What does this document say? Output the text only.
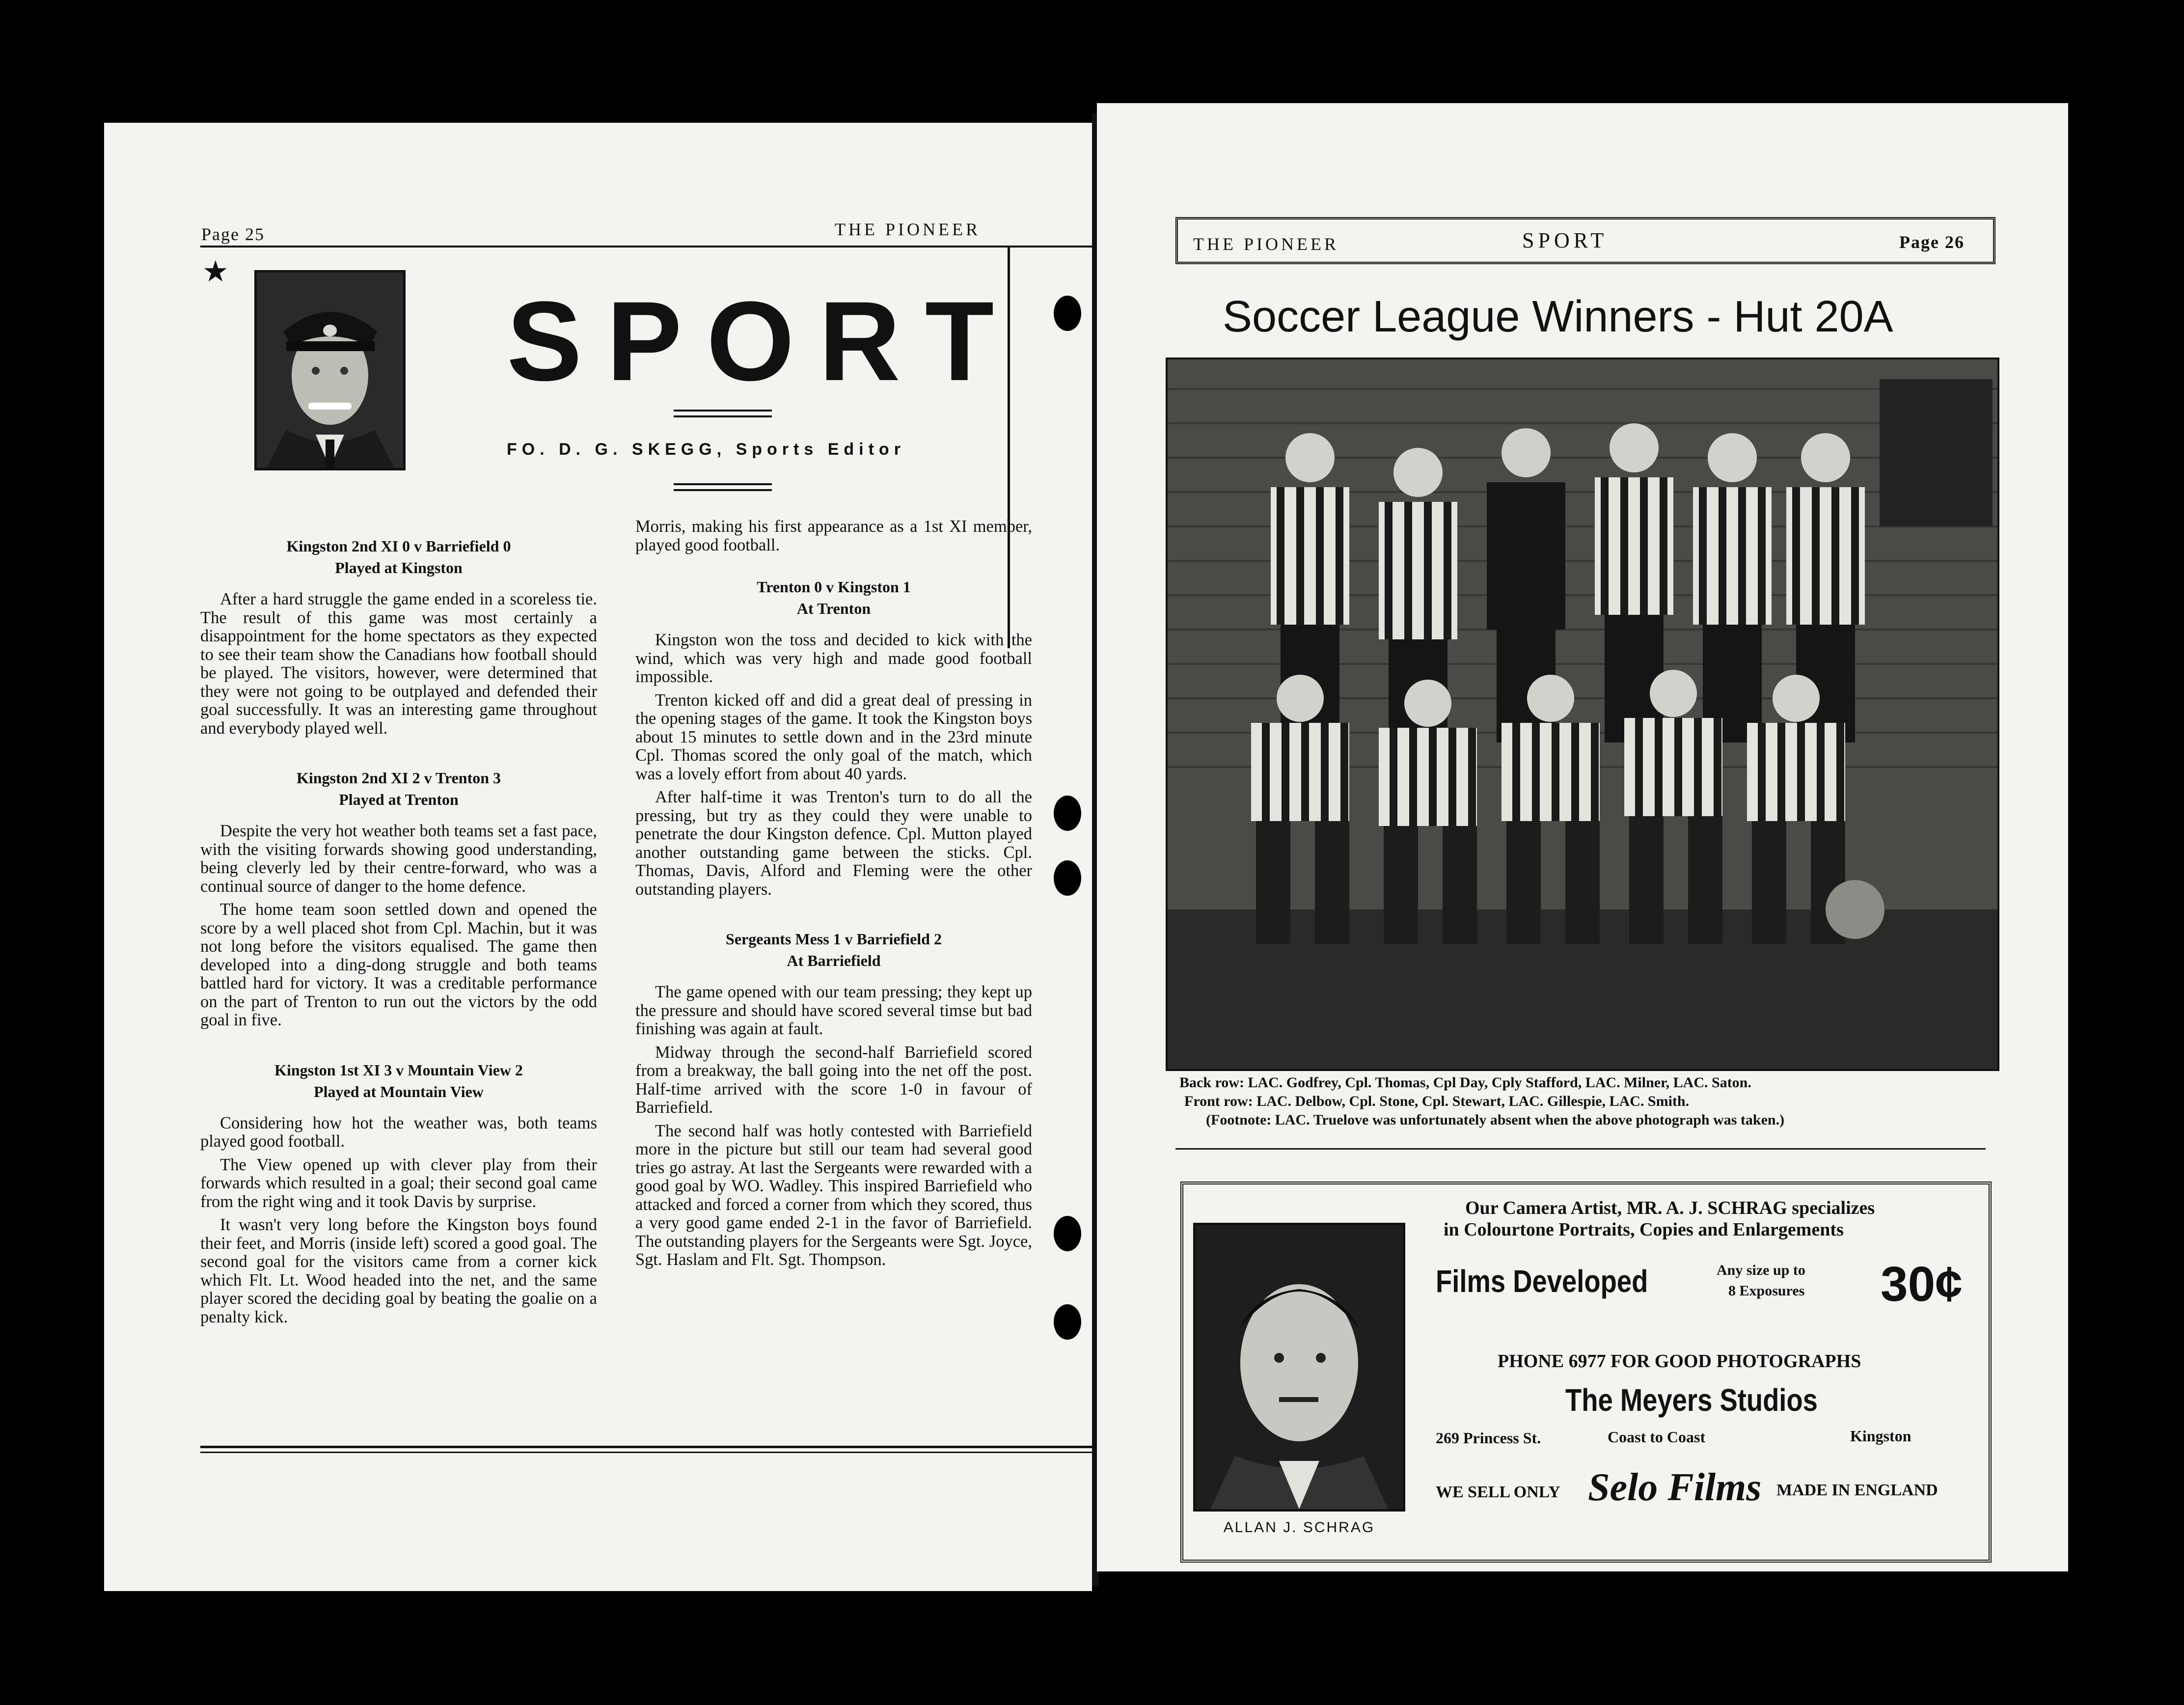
Page 25	THE PIONEER
★
SPORT
FO. D. G. SKEGG, Sports Editor
Kingston 2nd XI 0 v Barriefield 0
Played at Kingston

After a hard struggle the game ended in a scoreless tie. The result of this game was most certainly a disappointment for the home spectators as they expected to see their team show the Canadians how football should be played. The visitors, however, were determined that they were not going to be outplayed and defended their goal successfully. It was an interesting game throughout and everybody played well.

Kingston 2nd XI 2 v Trenton 3
Played at Trenton

Despite the very hot weather both teams set a fast pace, with the visiting forwards showing good understanding, being cleverly led by their centre-forward, who was a continual source of danger to the home defence.

The home team soon settled down and opened the score by a well placed shot from Cpl. Machin, but it was not long before the visitors equalised. The game then developed into a ding-dong struggle and both teams battled hard for victory. It was a creditable performance on the part of Trenton to run out the victors by the odd goal in five.

Kingston 1st XI 3 v Mountain View 2
Played at Mountain View

Considering how hot the weather was, both teams played good football.

The View opened up with clever play from their forwards which resulted in a goal; their second goal came from the right wing and it took Davis by surprise.

It wasn't very long before the Kingston boys found their feet, and Morris (inside left) scored a good goal. The second goal for the visitors came from a corner kick which Flt. Lt. Wood headed into the net, and the same player scored the deciding goal by beating the goalie on a penalty kick.

Morris, making his first appearance as a 1st XI member, played good football.

Trenton 0 v Kingston 1
At Trenton

Kingston won the toss and decided to kick with the wind, which was very high and made good football impossible.

Trenton kicked off and did a great deal of pressing in the opening stages of the game. It took the Kingston boys about 15 minutes to settle down and in the 23rd minute Cpl. Thomas scored the only goal of the match, which was a lovely effort from about 40 yards.

After half-time it was Trenton's turn to do all the pressing, but try as they could they were unable to penetrate the dour Kingston defence. Cpl. Mutton played another outstanding game between the sticks. Cpl. Thomas, Davis, Alford and Fleming were the other outstanding players.

Sergeants Mess 1 v Barriefield 2
At Barriefield

The game opened with our team pressing; they kept up the pressure and should have scored several timse but bad finishing was again at fault.

Midway through the second-half Barriefield scored from a breakway, the ball going into the net off the post. Half-time arrived with the score 1-0 in favour of Barriefield.

The second half was hotly contested with Barriefield more in the picture but still our team had several good tries go astray. At last the Sergeants were rewarded with a good goal by WO. Wadley. This inspired Barriefield who attacked and forced a corner from which they scored, thus a very good game ended 2-1 in the favor of Barriefield. The outstanding players for the Sergeants were Sgt. Joyce, Sgt. Haslam and Flt. Sgt. Thompson.

THE PIONEER	SPORT	Page 26
Soccer League Winners - Hut 20A
Back row: LAC. Godfrey, Cpl. Thomas, Cpl Day, Cply Stafford, LAC. Milner, LAC. Saton.
Front row: LAC. Delbow, Cpl. Stone, Cpl. Stewart, LAC. Gillespie, LAC. Smith.
(Footnote: LAC. Truelove was unfortunately absent when the above photograph was taken.)
ALLAN J. SCHRAG
Our Camera Artist, MR. A. J. SCHRAG specializes
in Colourtone Portraits, Copies and Enlargements
Films Developed	Any size up to
8 Exposures 30¢
PHONE 6977 FOR GOOD PHOTOGRAPHS
The Meyers Studios
269 Princess St.	Coast to Coast	Kingston
WE SELL ONLY Selo Films MADE IN ENGLAND
